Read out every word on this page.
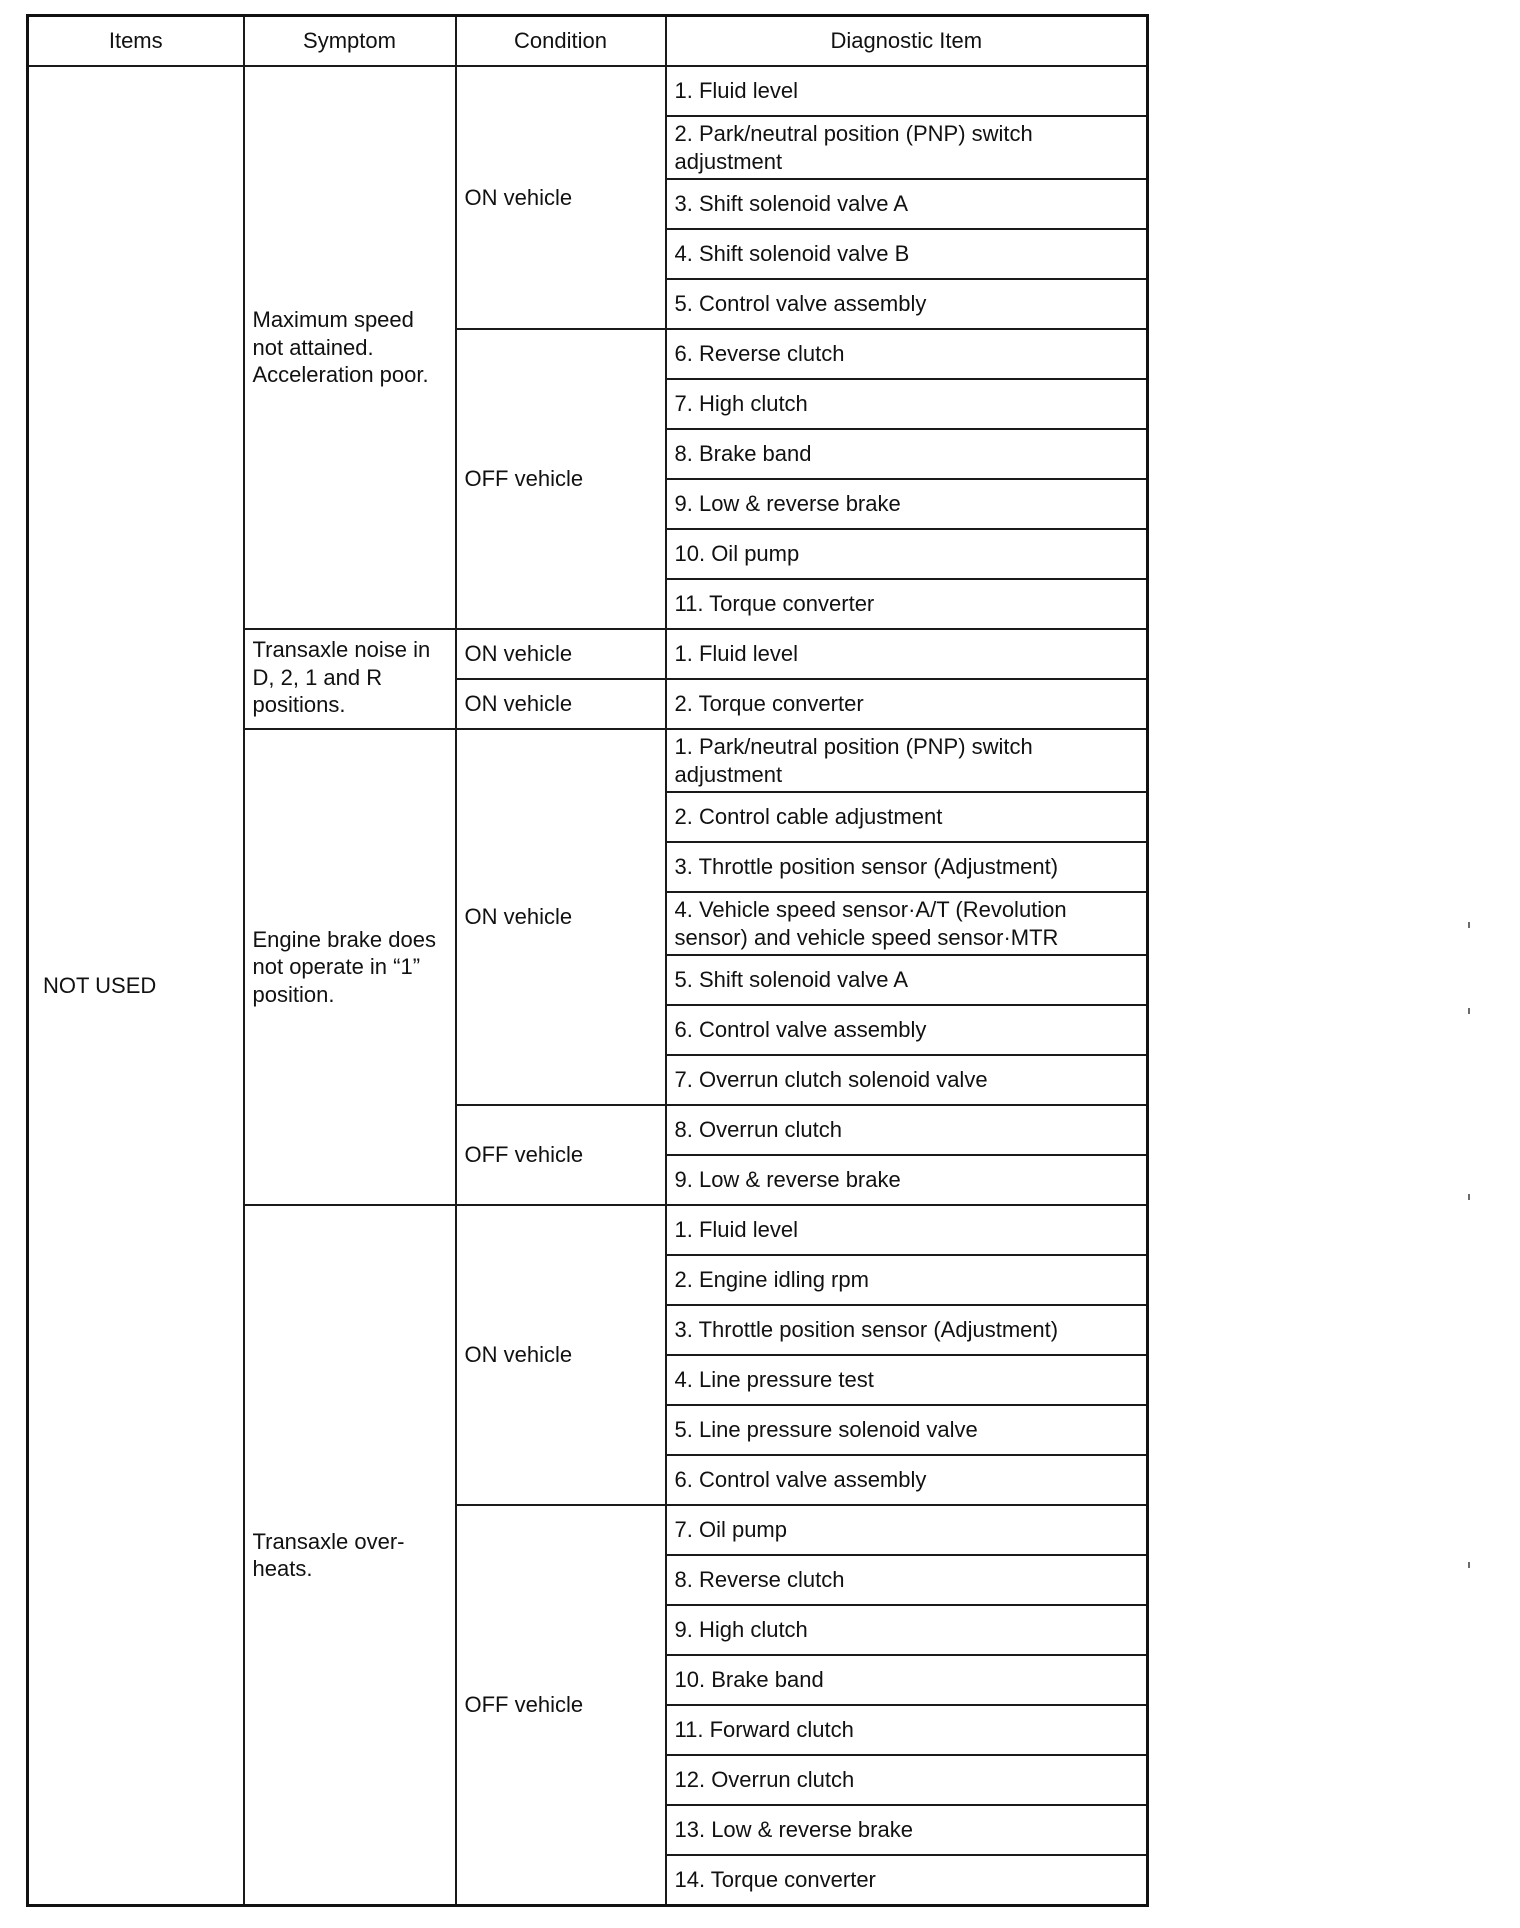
Items	Symptom	Condition	Diagnostic Item
NOT USED	Maximum speed not attained. Acceleration poor.	ON vehicle	1. Fluid level
			2. Park/neutral position (PNP) switch adjustment
			3. Shift solenoid valve A
			4. Shift solenoid valve B
			5. Control valve assembly
		OFF vehicle	6. Reverse clutch
			7. High clutch
			8. Brake band
			9. Low & reverse brake
			10. Oil pump
			11. Torque converter
	Transaxle noise in D, 2, 1 and R positions.	ON vehicle	1. Fluid level
		ON vehicle	2. Torque converter
	Engine brake does not operate in “1” position.	ON vehicle	1. Park/neutral position (PNP) switch adjustment
			2. Control cable adjustment
			3. Throttle position sensor (Adjustment)
			4. Vehicle speed sensor·A/T (Revolution sensor) and vehicle speed sensor·MTR
			5. Shift solenoid valve A
			6. Control valve assembly
			7. Overrun clutch solenoid valve
		OFF vehicle	8. Overrun clutch
			9. Low & reverse brake
	Transaxle over-heats.	ON vehicle	1. Fluid level
			2. Engine idling rpm
			3. Throttle position sensor (Adjustment)
			4. Line pressure test
			5. Line pressure solenoid valve
			6. Control valve assembly
		OFF vehicle	7. Oil pump
			8. Reverse clutch
			9. High clutch
			10. Brake band
			11. Forward clutch
			12. Overrun clutch
			13. Low & reverse brake
			14. Torque converter
